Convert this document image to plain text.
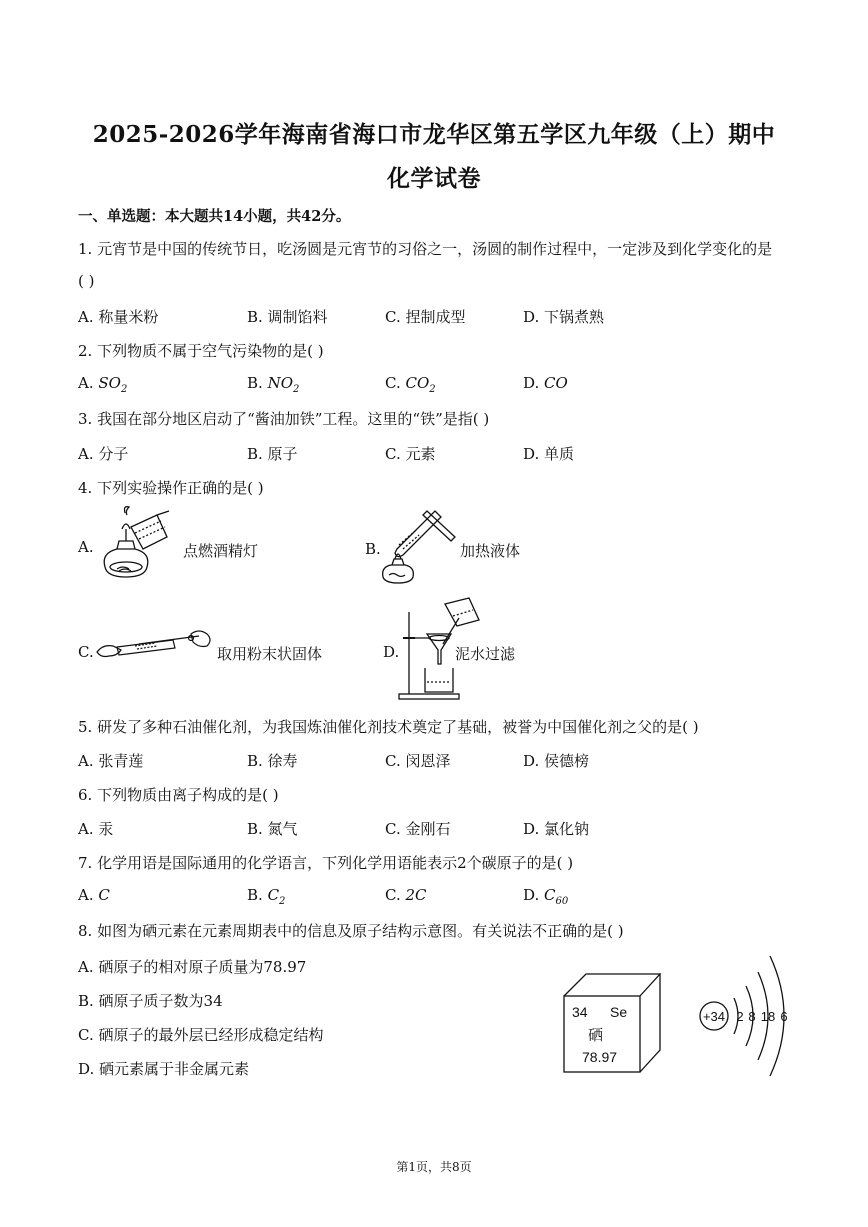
2025-2026学年海南省海口市龙华区第五学区九年级（上）期中
化学试卷
一、单选题：本大题共14小题，共42分。
1. 元宵节是中国的传统节日，吃汤圆是元宵节的习俗之一，汤圆的制作过程中，一定涉及到化学变化的是
( )
A. 称量米粉	B. 调制馅料	C. 捏制成型	D. 下锅煮熟
2. 下列物质不属于空气污染物的是( )
A. $SO_2$	B. $NO_2$	C. $CO_2$	D. CO
3. 我国在部分地区启动了“酱油加铁”工程。这里的“铁”是指( )
A. 分子	B. 原子	C. 元素	D. 单质
4. 下列实验操作正确的是( )
A.	点燃酒精灯	B.	加热液体
C.	取用粉末状固体	D.	泥水过滤
5. 研发了多种石油催化剂，为我国炼油催化剂技术奠定了基础，被誉为中国催化剂之父的是( )
A. 张青莲	B. 徐寿	C. 闵恩泽	D. 侯德榜
6. 下列物质由离子构成的是( )
A. 汞	B. 氮气	C. 金刚石	D. 氯化钠
7. 化学用语是国际通用的化学语言，下列化学用语能表示2个碳原子的是( )
A. C	B. $C_2$	C. 2C	D. $C_{60}$
8. 如图为硒元素在元素周期表中的信息及原子结构示意图。有关说法不正确的是( )
A. 硒原子的相对原子质量为78.97
B. 硒原子质子数为34
C. 硒原子的最外层已经形成稳定结构
D. 硒元素属于非金属元素
34 Se
硒
78.97
+34 2 8 18 6
第1页，共8页
